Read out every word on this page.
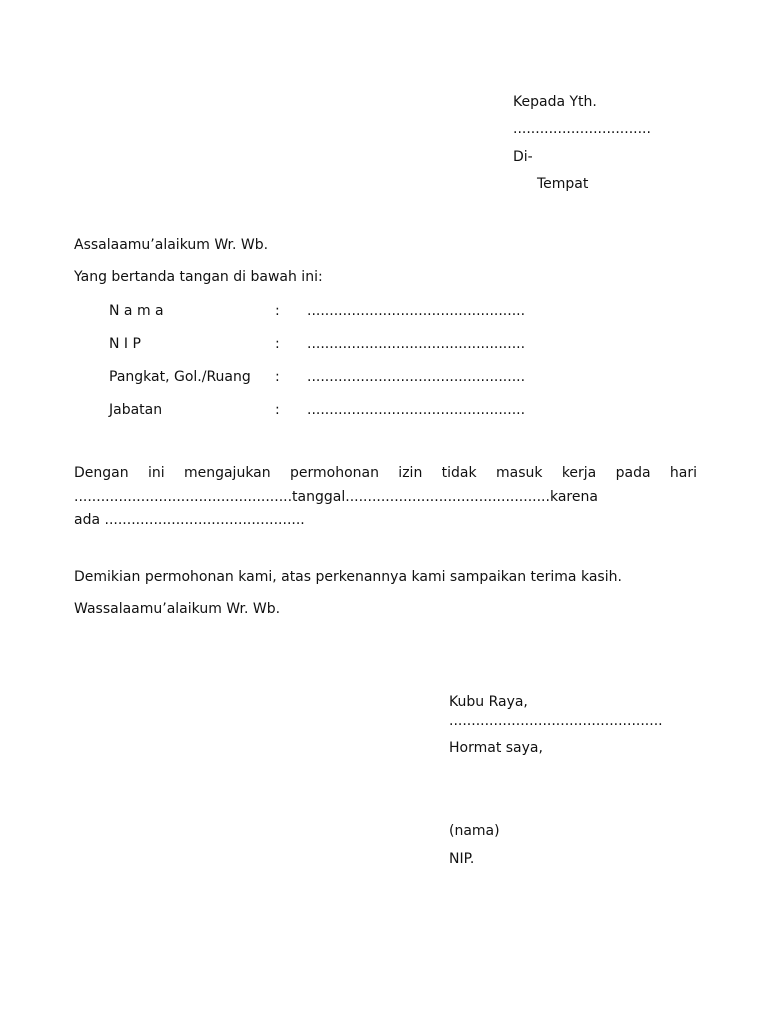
Kepada Yth.
...............................
Di-
Tempat
Assalaamu’alaikum Wr. Wb.
Yang bertanda tangan di bawah ini:
N a m a	: .................................................
N I P	: .................................................
Pangkat, Gol./Ruang : .................................................
Jabatan	: .................................................
Dengan ini mengajukan permohonan izin tidak masuk kerja pada hari
.................................................tanggal..............................................karena
ada .............................................
Demikian permohonan kami, atas perkenannya kami sampaikan terima kasih.
Wassalaamu’alaikum Wr. Wb.
Kubu Raya,
................................................
Hormat saya,
(nama)
NIP.
